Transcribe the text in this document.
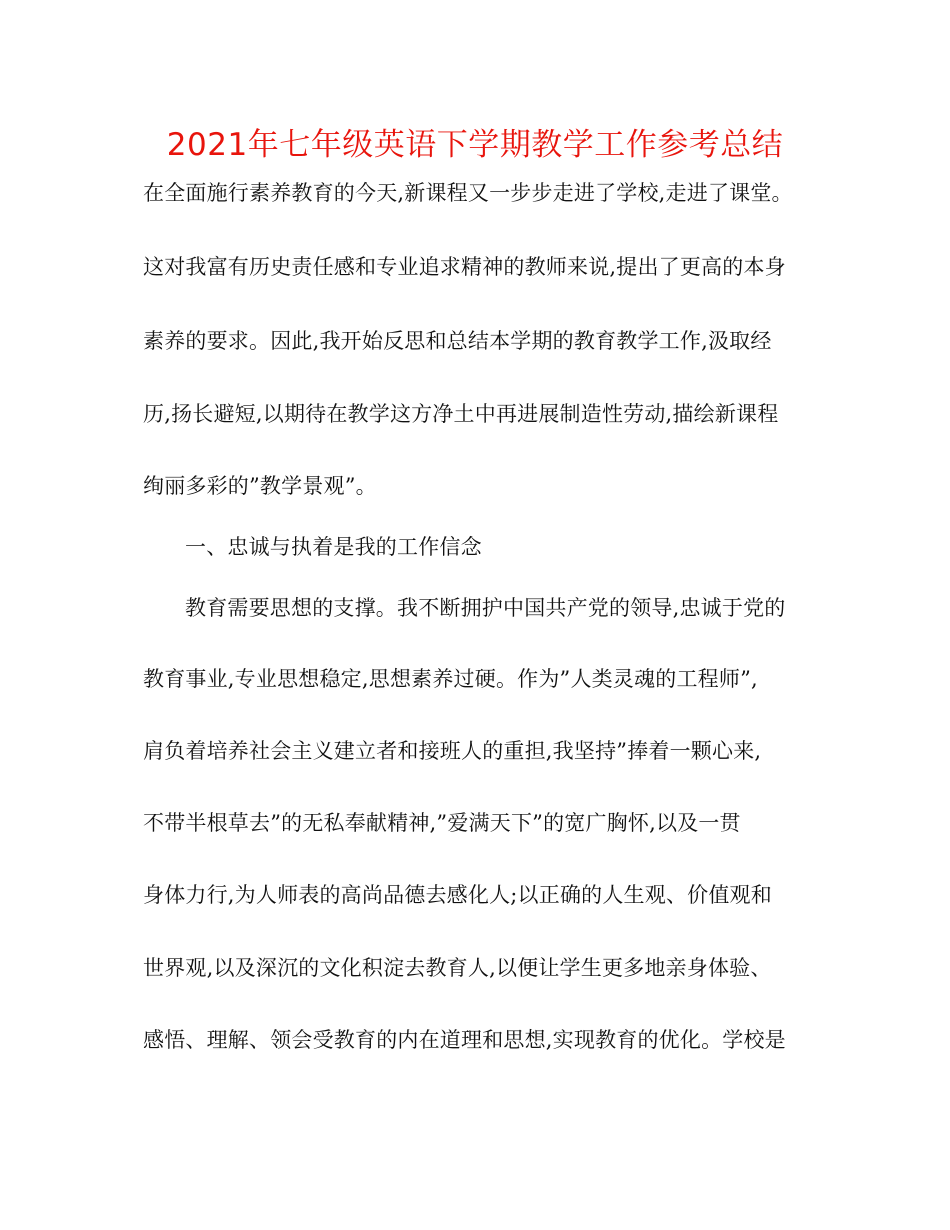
2021年七年级英语下学期教学工作参考总结
在全面施行素养教育的今天,新课程又一步步走进了学校,走进了课堂。
这对我富有历史责任感和专业追求精神的教师来说,提出了更高的本身
素养的要求。因此,我开始反思和总结本学期的教育教学工作,汲取经
历,扬长避短,以期待在教学这方净土中再进展制造性劳动,描绘新课程
绚丽多彩的”教学景观”。
一、忠诚与执着是我的工作信念
教育需要思想的支撑。我不断拥护中国共产党的领导,忠诚于党的
教育事业,专业思想稳定,思想素养过硬。作为”人类灵魂的工程师”,
肩负着培养社会主义建立者和接班人的重担,我坚持”捧着一颗心来,
不带半根草去”的无私奉献精神,”爱满天下”的宽广胸怀,以及一贯
身体力行,为人师表的高尚品德去感化人;以正确的人生观、价值观和
世界观,以及深沉的文化积淀去教育人,以便让学生更多地亲身体验、
感悟、理解、领会受教育的内在道理和思想,实现教育的优化。学校是
